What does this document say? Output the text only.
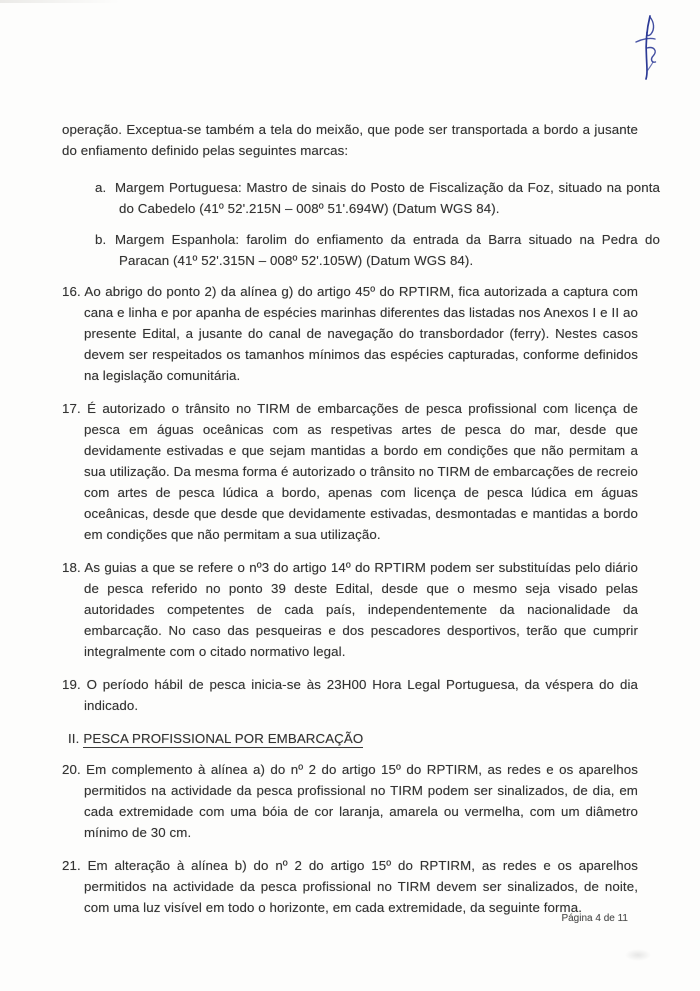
operação. Exceptua-se também a tela do meixão, que pode ser transportada a bordo a jusante do enfiamento definido pelas seguintes marcas:

a. Margem Portuguesa: Mastro de sinais do Posto de Fiscalização da Foz, situado na ponta do Cabedelo (41º 52'.215N – 008º 51'.694W) (Datum WGS 84).

b. Margem Espanhola: farolim do enfiamento da entrada da Barra situado na Pedra do Paracan (41º 52'.315N – 008º 52'.105W) (Datum WGS 84).

16. Ao abrigo do ponto 2) da alínea g) do artigo 45º do RPTIRM, fica autorizada a captura com cana e linha e por apanha de espécies marinhas diferentes das listadas nos Anexos I e II ao presente Edital, a jusante do canal de navegação do transbordador (ferry). Nestes casos devem ser respeitados os tamanhos mínimos das espécies capturadas, conforme definidos na legislação comunitária.

17. É autorizado o trânsito no TIRM de embarcações de pesca profissional com licença de pesca em águas oceânicas com as respetivas artes de pesca do mar, desde que devidamente estivadas e que sejam mantidas a bordo em condições que não permitam a sua utilização. Da mesma forma é autorizado o trânsito no TIRM de embarcações de recreio com artes de pesca lúdica a bordo, apenas com licença de pesca lúdica em águas oceânicas, desde que desde que devidamente estivadas, desmontadas e mantidas a bordo em condições que não permitam a sua utilização.

18. As guias a que se refere o nº3 do artigo 14º do RPTIRM podem ser substituídas pelo diário de pesca referido no ponto 39 deste Edital, desde que o mesmo seja visado pelas autoridades competentes de cada país, independentemente da nacionalidade da embarcação. No caso das pesqueiras e dos pescadores desportivos, terão que cumprir integralmente com o citado normativo legal.

19. O período hábil de pesca inicia-se às 23H00 Hora Legal Portuguesa, da véspera do dia indicado.

II. PESCA PROFISSIONAL POR EMBARCAÇÃO

20. Em complemento à alínea a) do nº 2 do artigo 15º do RPTIRM, as redes e os aparelhos permitidos na actividade da pesca profissional no TIRM podem ser sinalizados, de dia, em cada extremidade com uma bóia de cor laranja, amarela ou vermelha, com um diâmetro mínimo de 30 cm.

21. Em alteração à alínea b) do nº 2 do artigo 15º do RPTIRM, as redes e os aparelhos permitidos na actividade da pesca profissional no TIRM devem ser sinalizados, de noite, com uma luz visível em todo o horizonte, em cada extremidade, da seguinte forma.

Página 4 de 11
